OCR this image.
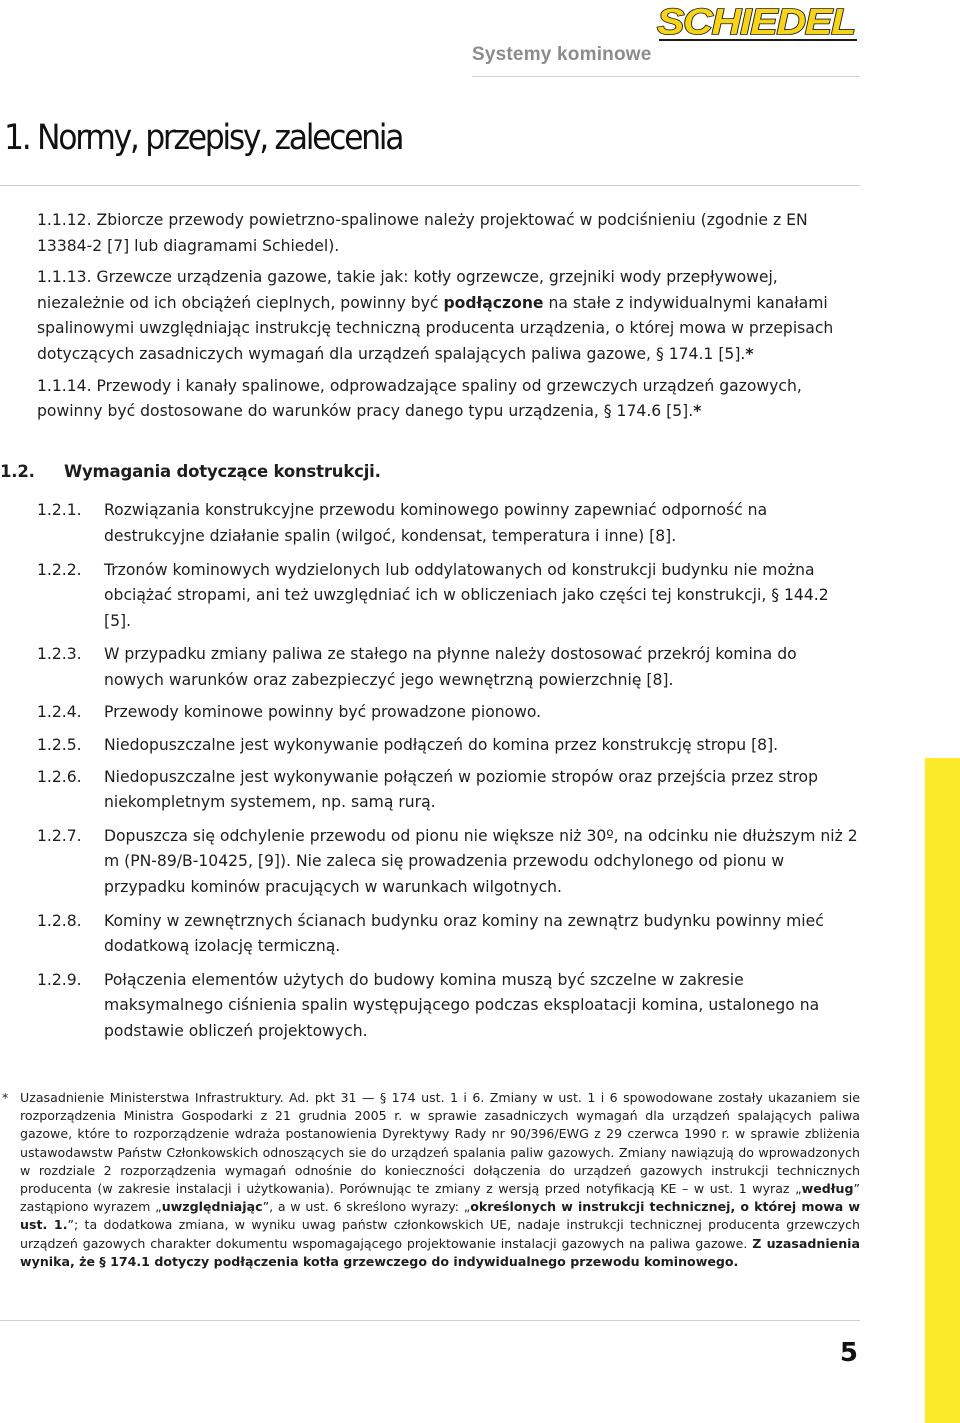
SCHIEDEL
Systemy kominowe
1. Normy, przepisy, zalecenia

1.1.12. Zbiorcze przewody powietrzno-spalinowe należy projektować w podciśnieniu (zgodnie z EN 13384-2 [7] lub diagramami Schiedel).

1.1.13. Grzewcze urządzenia gazowe, takie jak: kotły ogrzewcze, grzejniki wody przepływowej, niezależnie od ich obciążeń cieplnych, powinny być podłączone na stałe z indywidualnymi kanałami spalinowymi uwzględniając instrukcję techniczną producenta urządzenia, o której mowa w przepisach dotyczących zasadniczych wymagań dla urządzeń spalających paliwa gazowe, § 174.1 [5].*

1.1.14. Przewody i kanały spalinowe, odprowadzające spaliny od grzewczych urządzeń gazowych, powinny być dostosowane do warunków pracy danego typu urządzenia, § 174.6 [5].*

1.2. Wymagania dotyczące konstrukcji.

1.2.1. Rozwiązania konstrukcyjne przewodu kominowego powinny zapewniać odporność na destrukcyjne działanie spalin (wilgoć, kondensat, temperatura i inne) [8].

1.2.2. Trzonów kominowych wydzielonych lub oddylatowanych od konstrukcji budynku nie można obciążać stropami, ani też uwzględniać ich w obliczeniach jako części tej konstrukcji, § 144.2 [5].

1.2.3. W przypadku zmiany paliwa ze stałego na płynne należy dostosować przekrój komina do nowych warunków oraz zabezpieczyć jego wewnętrzną powierzchnię [8].

1.2.4. Przewody kominowe powinny być prowadzone pionowo.

1.2.5. Niedopuszczalne jest wykonywanie podłączeń do komina przez konstrukcję stropu [8].

1.2.6. Niedopuszczalne jest wykonywanie połączeń w poziomie stropów oraz przejścia przez strop niekompletnym systemem, np. samą rurą.

1.2.7. Dopuszcza się odchylenie przewodu od pionu nie większe niż 30º, na odcinku nie dłuższym niż 2 m (PN-89/B-10425, [9]). Nie zaleca się prowadzenia przewodu odchylonego od pionu w przypadku kominów pracujących w warunkach wilgotnych.

1.2.8. Kominy w zewnętrznych ścianach budynku oraz kominy na zewnątrz budynku powinny mieć dodatkową izolację termiczną.

1.2.9. Połączenia elementów użytych do budowy komina muszą być szczelne w zakresie maksymalnego ciśnienia spalin występującego podczas eksploatacji komina, ustalonego na podstawie obliczeń projektowych.

* Uzasadnienie Ministerstwa Infrastruktury. Ad. pkt 31 — § 174 ust. 1 i 6. Zmiany w ust. 1 i 6 spowodowane zostały ukazaniem sie rozporządzenia Ministra Gospodarki z 21 grudnia 2005 r. w sprawie zasadniczych wymagań dla urządzeń spalających paliwa gazowe, które to rozporządzenie wdraża postanowienia Dyrektywy Rady nr 90/396/EWG z 29 czerwca 1990 r. w sprawie zbliżenia ustawodawstw Państw Członkowskich odnoszących sie do urządzeń spalania paliw gazowych. Zmiany nawiązują do wprowadzonych w rozdziale 2 rozporządzenia wymagań odnośnie do konieczności dołączenia do urządzeń gazowych instrukcji technicznych producenta (w zakresie instalacji i użytkowania). Porównując te zmiany z wersją przed notyfikacją KE – w ust. 1 wyraz „według” zastąpiono wyrazem „uwzględniając”, a w ust. 6 skreślono wyrazy: „określonych w instrukcji technicznej, o której mowa w ust. 1.”; ta dodatkowa zmiana, w wyniku uwag państw członkowskich UE, nadaje instrukcji technicznej producenta grzewczych urządzeń gazowych charakter dokumentu wspomagającego projektowanie instalacji gazowych na paliwa gazowe. Z uzasadnienia wynika, że § 174.1 dotyczy podłączenia kotła grzewczego do indywidualnego przewodu kominowego.
5
